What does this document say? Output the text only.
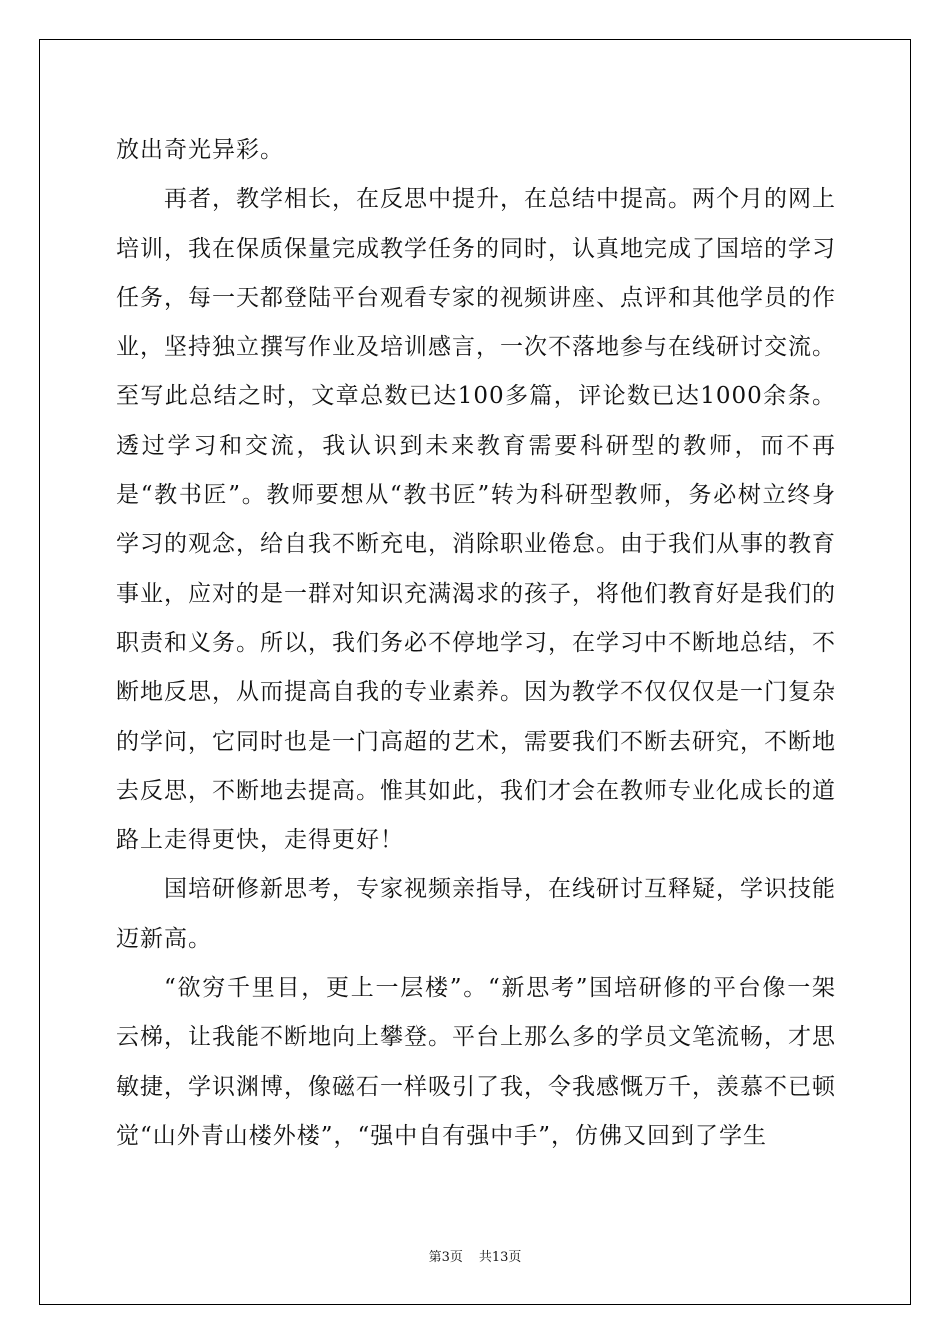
放出奇光异彩。

再者，教学相长，在反思中提升，在总结中提高。两个月的网上培训，我在保质保量完成教学任务的同时，认真地完成了国培的学习任务，每一天都登陆平台观看专家的视频讲座、点评和其他学员的作业，坚持独立撰写作业及培训感言，一次不落地参与在线研讨交流。至写此总结之时，文章总数已达100多篇，评论数已达1000余条。透过学习和交流，我认识到未来教育需要科研型的教师，而不再是“教书匠”。教师要想从“教书匠”转为科研型教师，务必树立终身学习的观念，给自我不断充电，消除职业倦怠。由于我们从事的教育事业，应对的是一群对知识充满渴求的孩子，将他们教育好是我们的职责和义务。所以，我们务必不停地学习，在学习中不断地总结，不断地反思，从而提高自我的专业素养。因为教学不仅仅仅是一门复杂的学问，它同时也是一门高超的艺术，需要我们不断去研究，不断地去反思，不断地去提高。惟其如此，我们才会在教师专业化成长的道路上走得更快，走得更好！

国培研修新思考，专家视频亲指导，在线研讨互释疑，学识技能迈新高。

“欲穷千里目，更上一层楼”。“新思考”国培研修的平台像一架云梯，让我能不断地向上攀登。平台上那么多的学员文笔流畅，才思敏捷，学识渊博，像磁石一样吸引了我，令我感慨万千，羡慕不已顿觉“山外青山楼外楼”，“强中自有强中手”，仿佛又回到了学生

第3页 共13页
